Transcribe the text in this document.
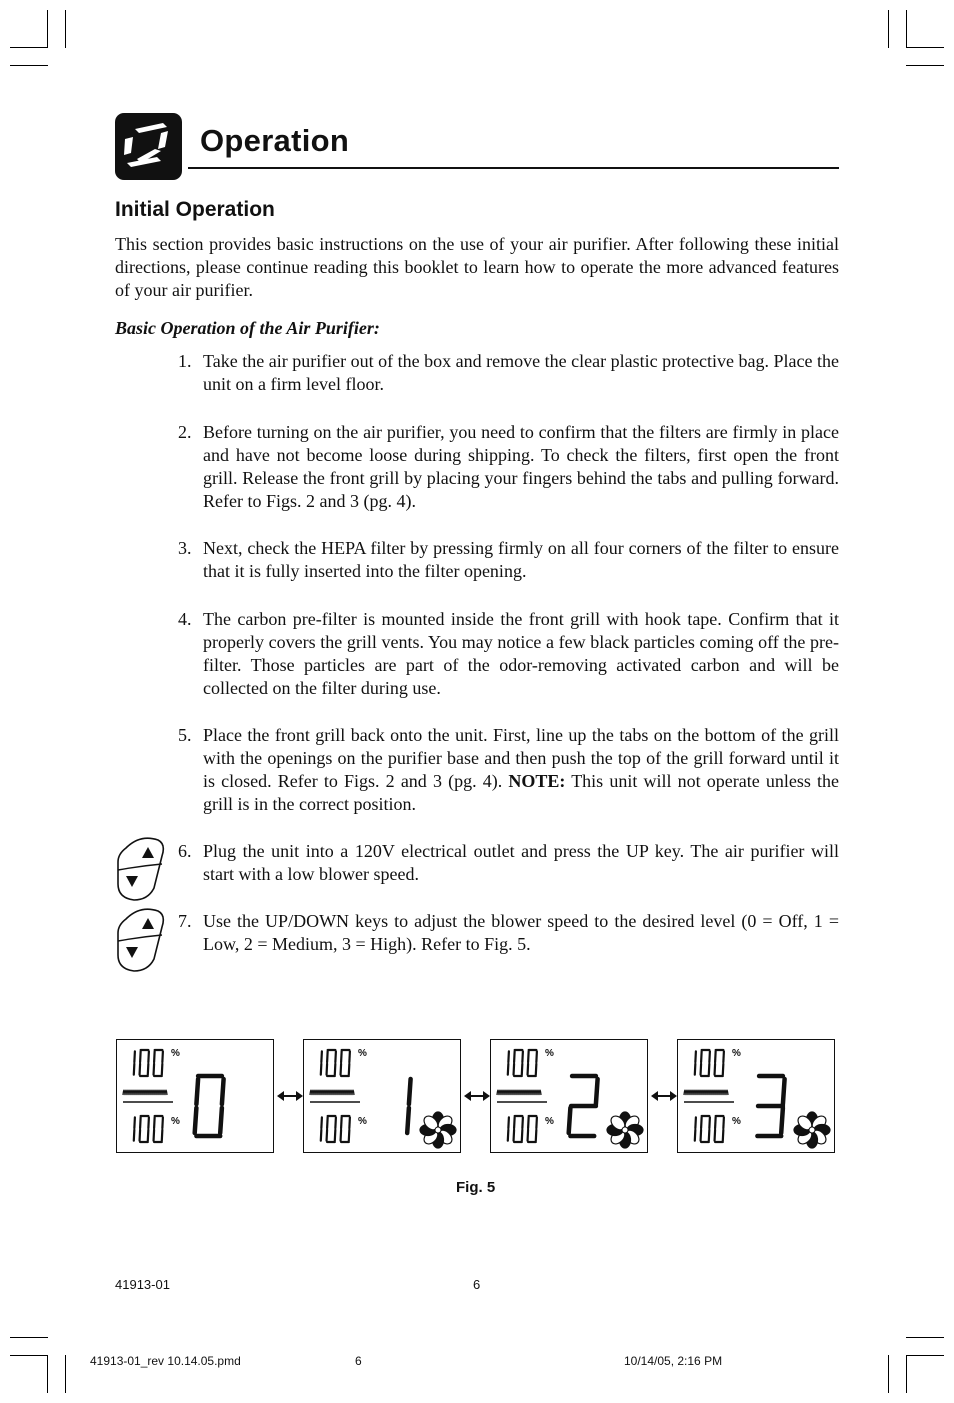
Operation
Initial Operation
This section provides basic instructions on the use of your air purifier. After following these initial directions, please continue reading this booklet to learn how to operate the more advanced features of your air purifier.
Basic Operation of the Air Purifier:
1. Take the air purifier out of the box and remove the clear plastic protective bag. Place the unit on a firm level floor.
2. Before turning on the air purifier, you need to confirm that the filters are firmly in place and have not become loose during shipping. To check the filters, first open the front grill. Release the front grill by placing your fingers behind the tabs and pulling forward. Refer to Figs. 2 and 3 (pg. 4).
3. Next, check the HEPA filter by pressing firmly on all four corners of the filter to ensure that it is fully inserted into the filter opening.
4. The carbon pre-filter is mounted inside the front grill with hook tape. Confirm that it properly covers the grill vents. You may notice a few black particles coming off the pre-filter. Those particles are part of the odor-removing activated carbon and will be collected on the filter during use.
5. Place the front grill back onto the unit. First, line up the tabs on the bottom of the grill with the openings on the purifier base and then push the top of the grill forward until it is closed. Refer to Figs. 2 and 3 (pg. 4). NOTE: This unit will not operate unless the grill is in the correct position.
6. Plug the unit into a 120V electrical outlet and press the UP key. The air purifier will start with a low blower speed.
7. Use the UP/DOWN keys to adjust the blower speed to the desired level (0 = Off, 1 = Low, 2 = Medium, 3 = High). Refer to Fig. 5.
%
%
%
%
%
%
%
%
Fig. 5
41913-01	6
41913-01_rev 10.14.05.pmd	6	10/14/05, 2:16 PM
